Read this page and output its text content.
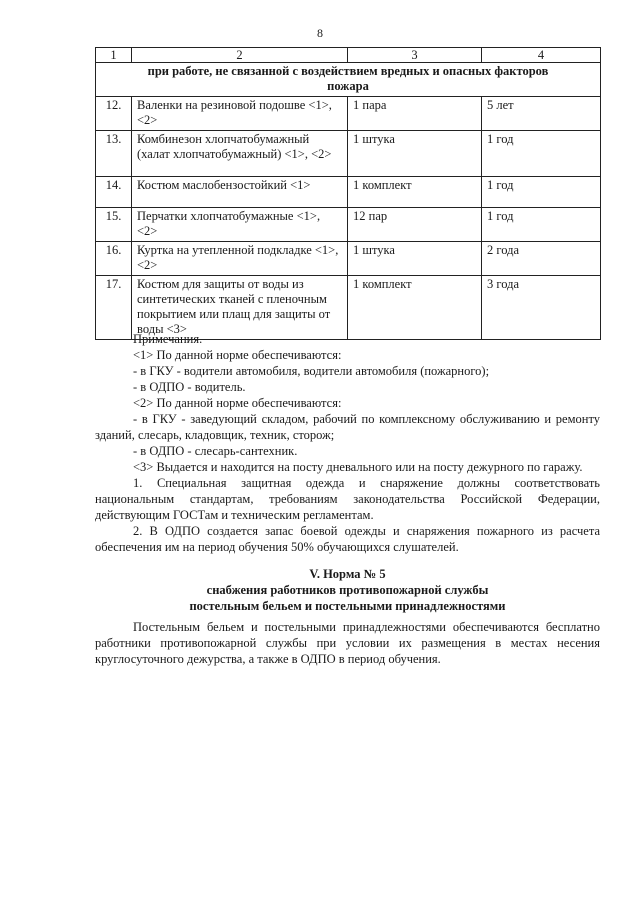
8
1	2	3	4

при работе, не связанной с воздействием вредных и опасных факторов
пожара			

12.	Валенки на резиновой подошве <1>, <2>	1 пара	5 лет
13.	Комбинезон хлопчатобумажный (халат хлопчатобумажный) <1>, <2>	1 штука	1 год
14.	Костюм маслобензостойкий <1>	1 комплект	1 год
15.	Перчатки хлопчатобумажные <1>, <2>	12 пар	1 год
16.	Куртка на утепленной подкладке <1>, <2>	1 штука	2 года
17.	Костюм для защиты от воды из синтетических тканей с пленочным покрытием или плащ для защиты от воды <3>	1 комплект	3 года

Примечания.

<1> По данной норме обеспечиваются:

- в ГКУ - водители автомобиля, водители автомобиля (пожарного);

- в ОДПО - водитель.

<2> По данной норме обеспечиваются:

- в ГКУ - заведующий складом, рабочий по комплексному обслуживанию и ремонту зданий, слесарь, кладовщик, техник, сторож;

- в ОДПО - слесарь-сантехник.

<3> Выдается и находится на посту дневального или на посту дежурного по гаражу.

1. Специальная защитная одежда и снаряжение должны соответствовать национальным стандартам, требованиям законодательства Российской Федерации, действующим ГОСТам и техническим регламентам.

2. В ОДПО создается запас боевой одежды и снаряжения пожарного из расчета обеспечения им на период обучения 50% обучающихся слушателей.

V. Норма № 5
снабжения работников противопожарной службы
постельным бельем и постельными принадлежностями

Постельным бельем и постельными принадлежностями обеспечиваются бесплатно работники противопожарной службы при условии их размещения в местах несения круглосуточного дежурства, а также в ОДПО в период обучения.
